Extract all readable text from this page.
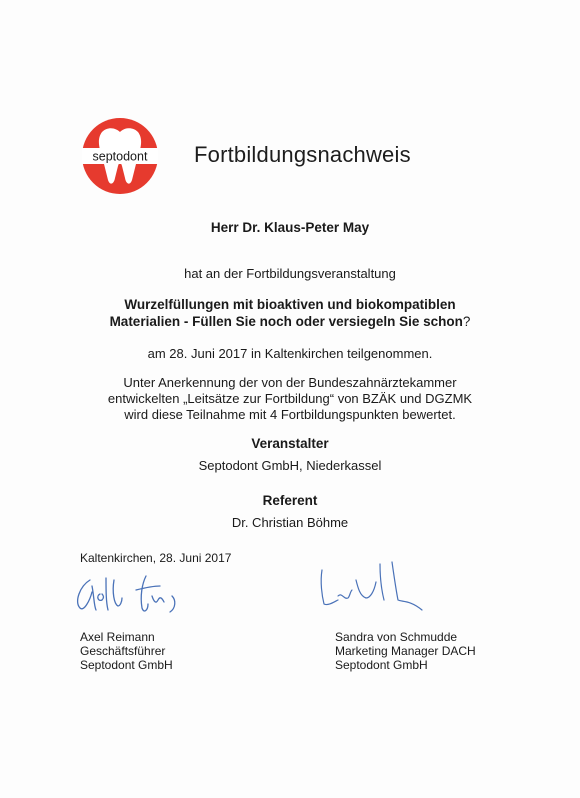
septodont Fortbildungsnachweis
Herr Dr. Klaus-Peter May
hat an der Fortbildungsveranstaltung
Wurzelfüllungen mit bioaktiven und biokompatiblen
Materialien - Füllen Sie noch oder versiegeln Sie schon?
am 28. Juni 2017 in Kaltenkirchen teilgenommen.
Unter Anerkennung der von der Bundeszahnärztekammer
entwickelten „Leitsätze zur Fortbildung“ von BZÄK und DGZMK
wird diese Teilnahme mit 4 Fortbildungspunkten bewertet.
Veranstalter
Septodont GmbH, Niederkassel
Referent
Dr. Christian Böhme
Kaltenkirchen, 28. Juni 2017
Axel Reimann
Geschäftsführer
Septodont GmbH
Sandra von Schmudde
Marketing Manager DACH
Septodont GmbH
